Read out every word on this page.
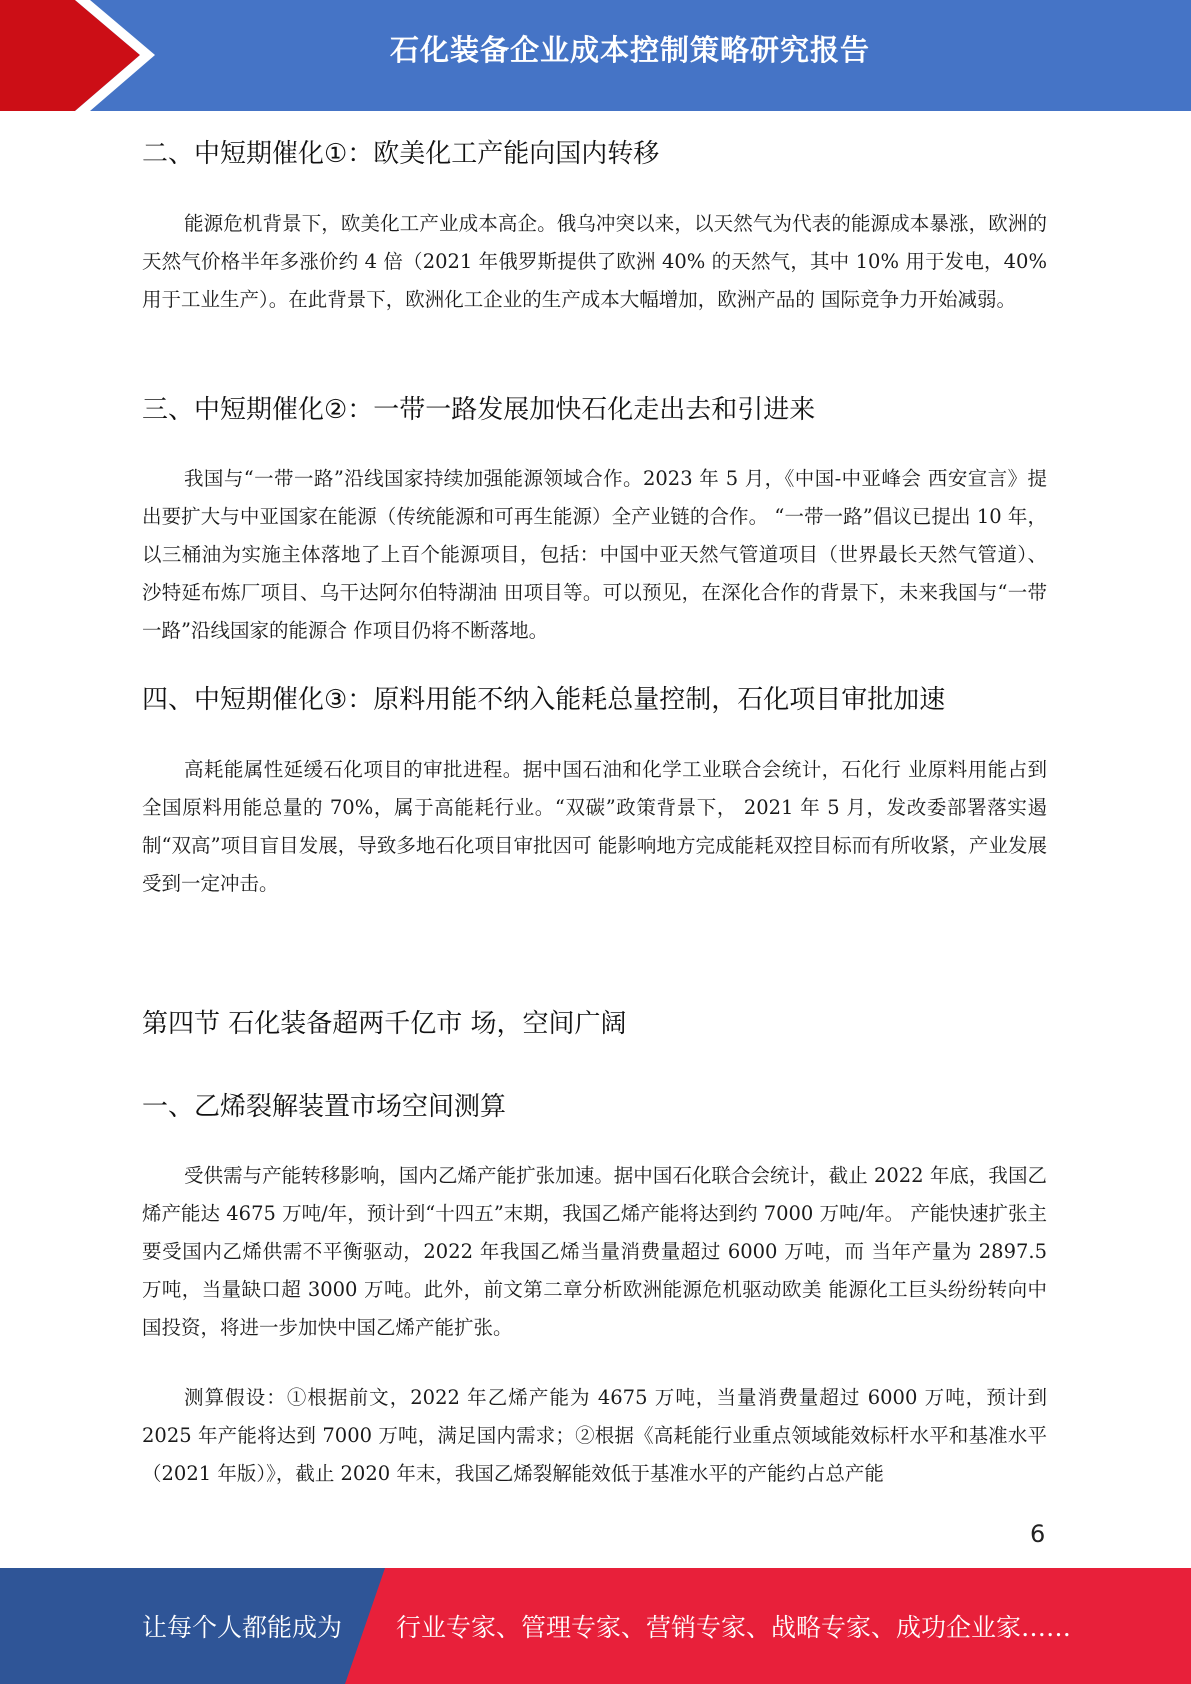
石化装备企业成本控制策略研究报告
二、中短期催化①：欧美化工产能向国内转移

能源危机背景下，欧美化工产业成本高企。俄乌冲突以来，以天然气为代表的能源成本暴涨，欧洲的天然气价格半年多涨价约 4 倍（2021 年俄罗斯提供了欧洲 40% 的天然气，其中 10% 用于发电，40% 用于工业生产）。在此背景下，欧洲化工企业的生产成本大幅增加，欧洲产品的 国际竞争力开始减弱。

三、中短期催化②：一带一路发展加快石化走出去和引进来

我国与“一带一路”沿线国家持续加强能源领域合作。2023 年 5 月，《中国-中亚峰会 西安宣言》提出要扩大与中亚国家在能源（传统能源和可再生能源）全产业链的合作。 “一带一路”倡议已提出 10 年，以三桶油为实施主体落地了上百个能源项目，包括：中国中亚天然气管道项目（世界最长天然气管道）、沙特延布炼厂项目、乌干达阿尔伯特湖油 田项目等。可以预见，在深化合作的背景下，未来我国与“一带一路”沿线国家的能源合 作项目仍将不断落地。

四、中短期催化③：原料用能不纳入能耗总量控制，石化项目审批加速

高耗能属性延缓石化项目的审批进程。据中国石油和化学工业联合会统计，石化行 业原料用能占到全国原料用能总量的 70%，属于高能耗行业。“双碳”政策背景下， 2021 年 5 月，发改委部署落实遏制“双高”项目盲目发展，导致多地石化项目审批因可 能影响地方完成能耗双控目标而有所收紧，产业发展受到一定冲击。

第四节 石化装备超两千亿市 场，空间广阔
一、乙烯裂解装置市场空间测算

受供需与产能转移影响，国内乙烯产能扩张加速。据中国石化联合会统计，截止 2022 年底，我国乙烯产能达 4675 万吨/年，预计到“十四五”末期，我国乙烯产能将达到约 7000 万吨/年。 产能快速扩张主要受国内乙烯供需不平衡驱动，2022 年我国乙烯当量消费量超过 6000 万吨，而 当年产量为 2897.5 万吨，当量缺口超 3000 万吨。此外，前文第二章分析欧洲能源危机驱动欧美 能源化工巨头纷纷转向中国投资，将进一步加快中国乙烯产能扩张。

测算假设：①根据前文，2022 年乙烯产能为 4675 万吨，当量消费量超过 6000 万吨，预计到 2025 年产能将达到 7000 万吨，满足国内需求；②根据《高耗能行业重点领域能效标杆水平和基准水平（2021 年版）》，截止 2020 年末，我国乙烯裂解能效低于基准水平的产能约占总产能

6
让每个人都能成为 行业专家、管理专家、营销专家、战略专家、成功企业家……
